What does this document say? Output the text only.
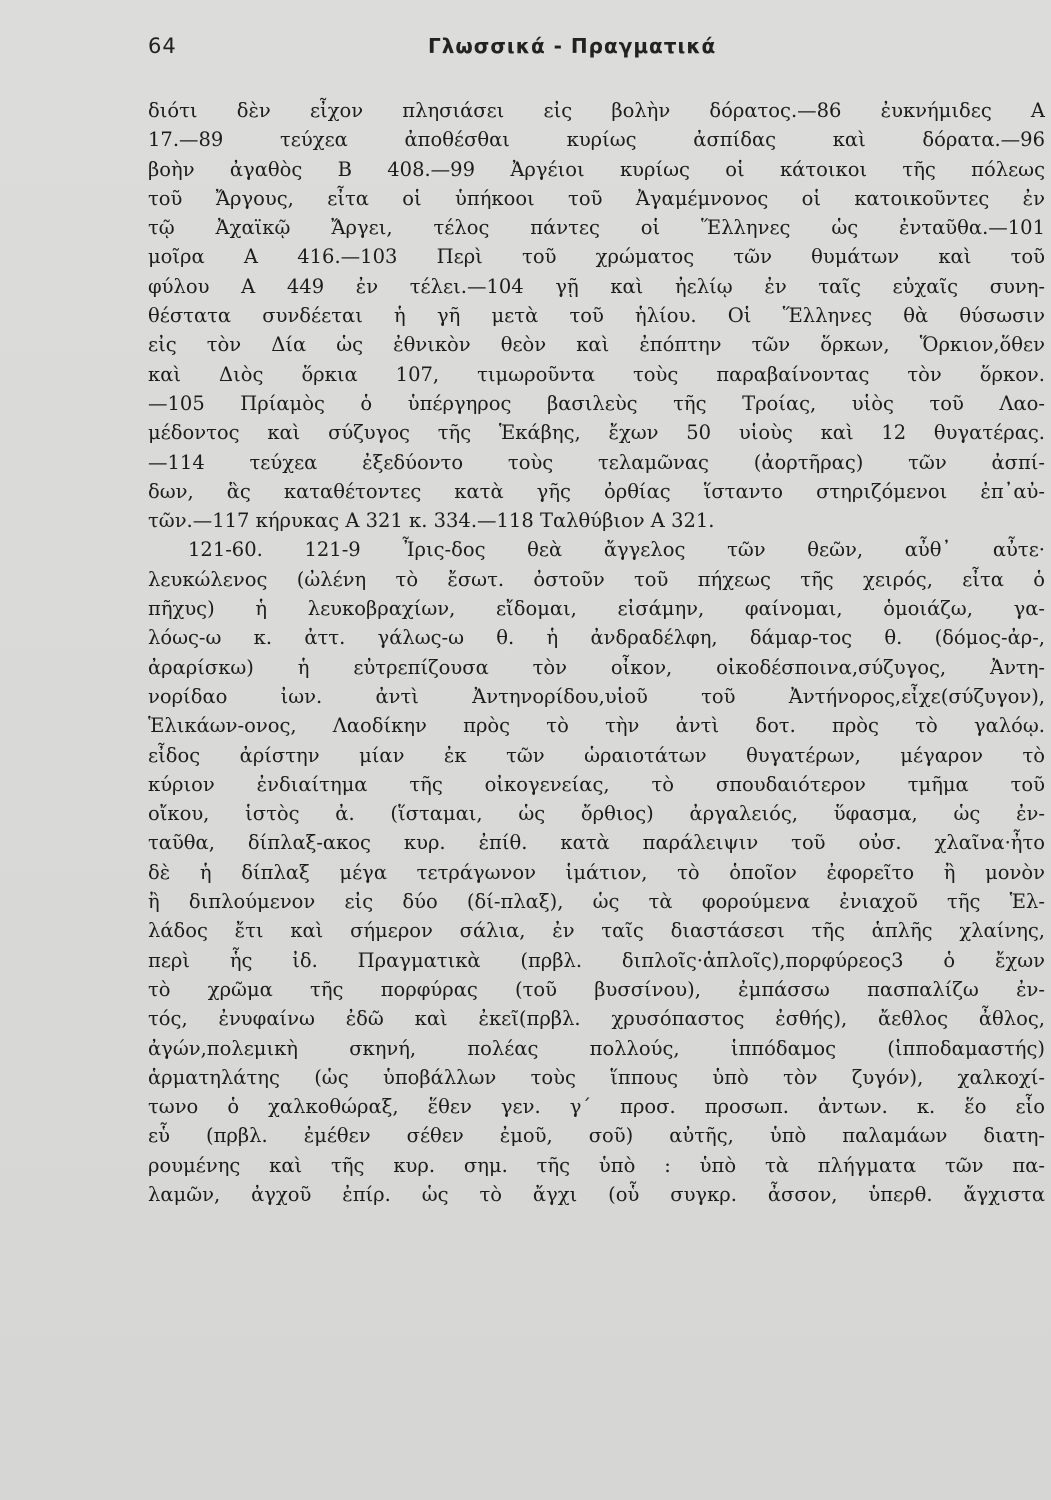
64	Γλωσσικά - Πραγματικά
διότι δὲν εἶχον πλησιάσει εἰς βολὴν δόρατος.—86 ἐυκνήμιδες Α
17.—89 τεύχεα ἀποθέσθαι κυρίως ἀσπίδας καὶ δόρατα.—96
βοὴν ἀγαθὸς Β 408.—99 Ἀργέιοι κυρίως οἱ κάτοικοι τῆς πόλεως
τοῦ Ἄργους, εἶτα οἱ ὑπήκοοι τοῦ Ἀγαμέμνονος οἱ κατοικοῦντες ἐν
τῷ Ἀχαϊκῷ Ἄργει, τέλος πάντες οἱ Ἕλληνες ὡς ἐνταῦθα.—101
μοῖρα Α 416.—103 Περὶ τοῦ χρώματος τῶν θυμάτων καὶ τοῦ
φύλου Α 449 ἐν τέλει.—104 γῇ καὶ ἠελίῳ ἐν ταῖς εὐχαῖς συνη-
θέστατα συνδέεται ἡ γῆ μετὰ τοῦ ἡλίου. Οἱ Ἕλληνες θὰ θύσωσιν
εἰς τὸν Δία ὡς ἐθνικὸν θεὸν καὶ ἐπόπτην τῶν ὅρκων, Ὅρκιον,ὅθεν
καὶ Διὸς ὅρκια 107, τιμωροῦντα τοὺς παραβαίνοντας τὸν ὅρκον.
—105 Πρίαμὸς ὁ ὑπέργηρος βασιλεὺς τῆς Τροίας, υἱὸς τοῦ Λαο-
μέδοντος καὶ σύζυγος τῆς Ἑκάβης, ἔχων 50 υἱοὺς καὶ 12 θυγατέρας.
—114 τεύχεα ἐξεδύοντο τοὺς τελαμῶνας (ἀορτῆρας) τῶν ἀσπί-
δων, ἃς καταθέτοντες κατὰ γῆς ὀρθίας ἵσταντο στηριζόμενοι ἐπ᾽αὐ-
τῶν.—117 κήρυκας Α 321 κ. 334.—118 Ταλθύβιον Α 321.
121-60. 121-9 Ἶρις-δος θεὰ ἄγγελος τῶν θεῶν, αὖθ᾽ αὖτε·
λευκώλενος (ὠλένη τὸ ἔσωτ. ὀστοῦν τοῦ πήχεως τῆς χειρός, εἶτα ὁ
πῆχυς) ἡ λευκοβραχίων, εἴδομαι, εἰσάμην, φαίνομαι, ὁμοιάζω, γα-
λόως-ω κ. ἀττ. γάλως-ω θ. ἡ ἀνδραδέλφη, δάμαρ-τος θ. (δόμος-ἀρ-,
ἀραρίσκω) ἡ εὐτρεπίζουσα τὸν οἶκον, οἰκοδέσποινα,σύζυγος, Ἀντη-
νορίδαο ἰων. ἀντὶ Ἀντηνορίδου,υἱοῦ τοῦ Ἀντήνορος,εἶχε(σύζυγον),
Ἑλικάων-ονος, Λαοδίκην πρὸς τὸ τὴν ἀντὶ δοτ. πρὸς τὸ γαλόῳ.
εἶδος ἀρίστην μίαν ἐκ τῶν ὡραιοτάτων θυγατέρων, μέγαρον τὸ
κύριον ἐνδιαίτημα τῆς οἰκογενείας, τὸ σπουδαιότερον τμῆμα τοῦ
οἴκου, ἱστὸς ἀ. (ἵσταμαι, ὡς ὄρθιος) ἀργαλειός, ὕφασμα, ὡς ἐν-
ταῦθα, δίπλαξ-ακος κυρ. ἐπίθ. κατὰ παράλειψιν τοῦ οὐσ. χλαῖνα·ἦτο
δὲ ἡ δίπλαξ μέγα τετράγωνον ἱμάτιον, τὸ ὁποῖον ἐφορεῖτο ἢ μονὸν
ἢ διπλούμενον εἰς δύο (δί-πλαξ), ὡς τὰ φορούμενα ἐνιαχοῦ τῆς Ἑλ-
λάδος ἔτι καὶ σήμερον σάλια, ἐν ταῖς διαστάσεσι τῆς ἁπλῆς χλαίνης,
περὶ ἧς ἰδ. Πραγματικὰ (πρβλ. διπλοῖς·ἁπλοῖς),πορφύρεος3 ὁ ἔχων
τὸ χρῶμα τῆς πορφύρας (τοῦ βυσσίνου), ἐμπάσσω πασπαλίζω ἐν-
τός, ἐνυφαίνω ἐδῶ καὶ ἐκεῖ(πρβλ. χρυσόπαστος ἐσθής), ἄεθλος ἆθλος,
ἀγών,πολεμικὴ σκηνή, πολέας πολλούς, ἱππόδαμος (ἱπποδαμαστής)
ἁρματηλάτης (ὡς ὑποβάλλων τοὺς ἵππους ὑπὸ τὸν ζυγόν), χαλκοχί-
τωνο ὁ χαλκοθώραξ, ἕθεν γεν. γ´ προσ. προσωπ. ἀντων. κ. ἕο εἷο
εὗ (πρβλ. ἐμέθεν σέθεν ἐμοῦ, σοῦ) αὐτῆς, ὑπὸ παλαμάων διατη-
ρουμένης καὶ τῆς κυρ. σημ. τῆς ὑπὸ : ὑπὸ τὰ πλήγματα τῶν πα-
λαμῶν, ἀγχοῦ ἐπίρ. ὡς τὸ ἄγχι (οὗ συγκρ. ἆσσον, ὑπερθ. ἄγχιστα
